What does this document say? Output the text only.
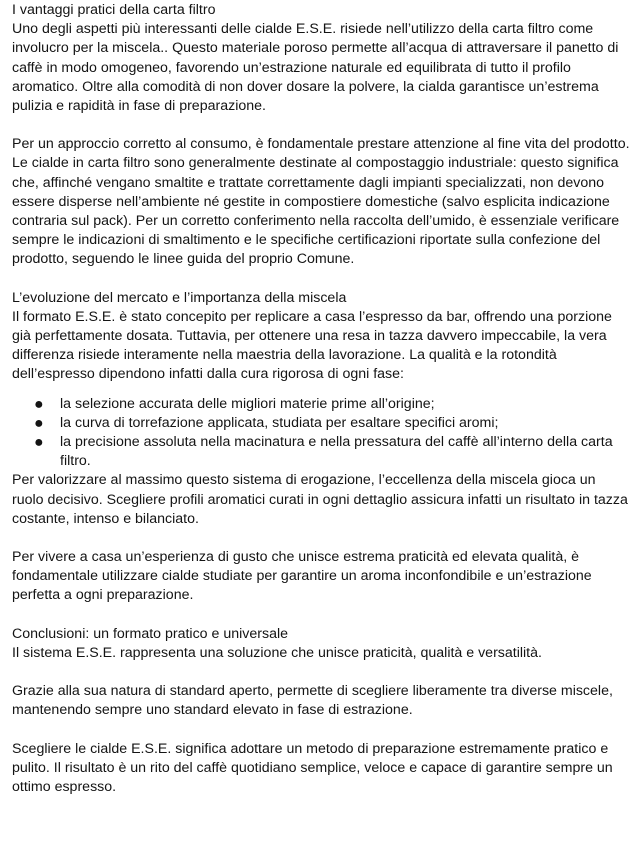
I vantaggi pratici della carta filtro

Uno degli aspetti più interessanti delle cialde E.S.E. risiede nell’utilizzo della carta filtro come involucro per la miscela.. Questo materiale poroso permette all’acqua di attraversare il panetto di caffè in modo omogeneo, favorendo un’estrazione naturale ed equilibrata di tutto il profilo aromatico. Oltre alla comodità di non dover dosare la polvere, la cialda garantisce un’estrema pulizia e rapidità in fase di preparazione.

Per un approccio corretto al consumo, è fondamentale prestare attenzione al fine vita del prodotto. Le cialde in carta filtro sono generalmente destinate al compostaggio industriale: questo significa che, affinché vengano smaltite e trattate correttamente dagli impianti specializzati, non devono essere disperse nell’ambiente né gestite in compostiere domestiche (salvo esplicita indicazione contraria sul pack). Per un corretto conferimento nella raccolta dell’umido, è essenziale verificare sempre le indicazioni di smaltimento e le specifiche certificazioni riportate sulla confezione del prodotto, seguendo le linee guida del proprio Comune.

L’evoluzione del mercato e l’importanza della miscela

Il formato E.S.E. è stato concepito per replicare a casa l’espresso da bar, offrendo una porzione già perfettamente dosata. Tuttavia, per ottenere una resa in tazza davvero impeccabile, la vera differenza risiede interamente nella maestria della lavorazione. La qualità e la rotondità dell’espresso dipendono infatti dalla cura rigorosa di ogni fase:

● la selezione accurata delle migliori materie prime all’origine;
● la curva di torrefazione applicata, studiata per esaltare specifici aromi;
● la precisione assoluta nella macinatura e nella pressatura del caffè all’interno della carta filtro.

Per valorizzare al massimo questo sistema di erogazione, l’eccellenza della miscela gioca un ruolo decisivo. Scegliere profili aromatici curati in ogni dettaglio assicura infatti un risultato in tazza costante, intenso e bilanciato.

Per vivere a casa un’esperienza di gusto che unisce estrema praticità ed elevata qualità, è fondamentale utilizzare cialde studiate per garantire un aroma inconfondibile e un’estrazione perfetta a ogni preparazione.

Conclusioni: un formato pratico e universale

Il sistema E.S.E. rappresenta una soluzione che unisce praticità, qualità e versatilità.

Grazie alla sua natura di standard aperto, permette di scegliere liberamente tra diverse miscele, mantenendo sempre uno standard elevato in fase di estrazione.

Scegliere le cialde E.S.E. significa adottare un metodo di preparazione estremamente pratico e pulito. Il risultato è un rito del caffè quotidiano semplice, veloce e capace di garantire sempre un ottimo espresso.
